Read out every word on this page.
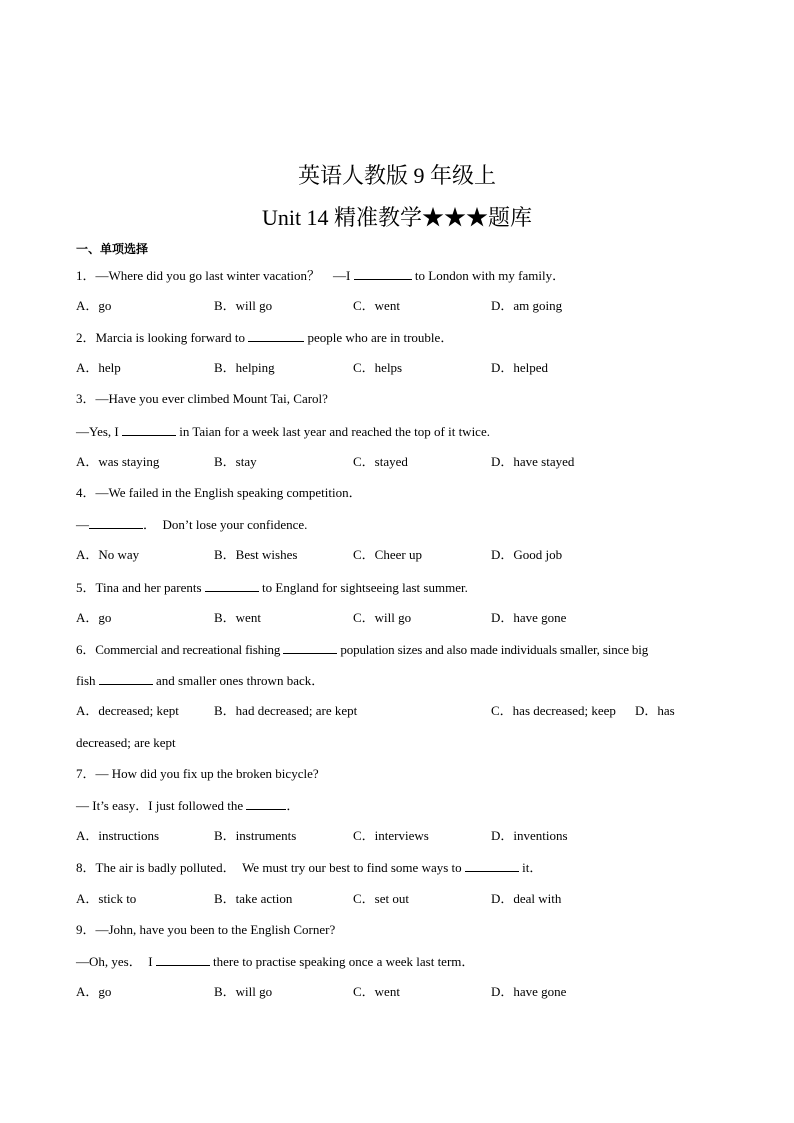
英语人教版 9 年级上
Unit 14 精准教学★★★题库
一、单项选择
1．—Where did you go last winter vacation？　—I	to London with my family．
A．go	B．will go	C．went	D．am going
2．Marcia is looking forward to	people who are in trouble．
A．help	B．helping	C．helps	D．helped
3．—Have you ever climbed Mount Tai, Carol?
—Yes, I	in Taian for a week last year and reached the top of it twice.
A．was staying	B．stay	C．stayed	D．have stayed
4．—We failed in the English speaking competition．
—	．　Don’t lose your confidence.
A．No way	B．Best wishes	C．Cheer up	D．Good job
5．Tina and her parents	to England for sightseeing last summer.
A．go	B．went	C．will go	D．have gone
6．Commercial and recreational fishing	population sizes and also made individuals smaller, since big
fish	and smaller ones thrown back．
A．decreased; kept	B．had decreased; are kept	C．has decreased; keep D．has
decreased; are kept
7．— How did you fix up the broken bicycle?
— It’s easy．I just followed the	．
A．instructions	B．instruments	C．interviews	D．inventions
8．The air is badly polluted．　We must try our best to find some ways to	it．
A．stick to	B．take action	C．set out	D．deal with
9．—John, have you been to the English Corner?
—Oh, yes．　I	there to practise speaking once a week last term．
A．go	B．will go	C．went	D．have gone
